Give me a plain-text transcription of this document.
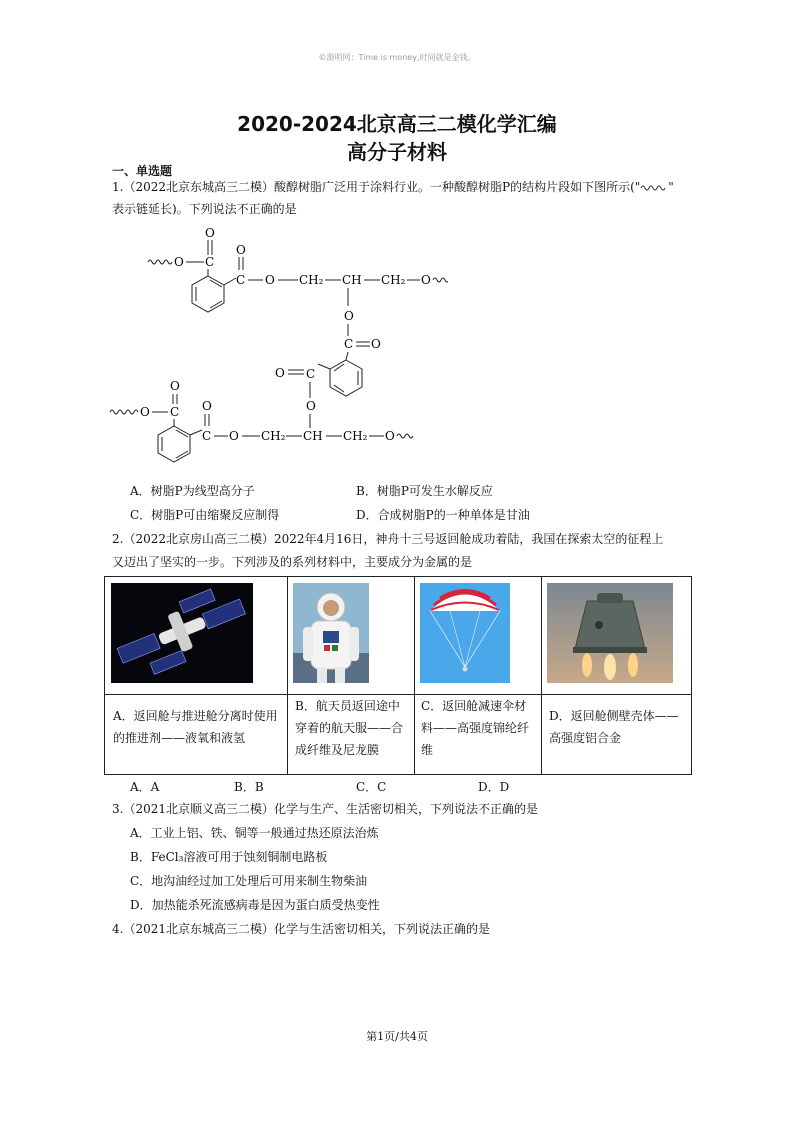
©源明网：Time is money,时间就是金钱。
2020-2024北京高三二模化学汇编
高分子材料
一、单选题
1.（2022北京东城高三二模）酸醇树脂广泛用于涂料行业。一种酸醇树脂P的结构片段如下图所示(" "
表示链延长)。下列说法不正确的是
O C
O
C
O
O CH₂ CH CH₂ O
O
C O
C
O
O
O C
O
C
O
O CH₂ CH CH₂ O
A．树脂P为线型高分子	B．树脂P可发生水解反应
C．树脂P可由缩聚反应制得	D．合成树脂P的一种单体是甘油
2.（2022北京房山高三二模）2022年4月16日，神舟十三号返回舱成功着陆，我国在探索太空的征程上
又迈出了坚实的一步。下列涉及的系列材料中，主要成分为金属的是
A．返回舱与推进舱分离时使用
的推进剂——液氧和液氢
B．航天员返回途中
穿着的航天服——合
成纤维及尼龙膜
C．返回舱减速伞材
料——高强度锦纶纤
维
D．返回舱侧壁壳体——
高强度铝合金
A．A	B．B	C．C	D．D
3.（2021北京顺义高三二模）化学与生产、生活密切相关，下列说法不正确的是
A．工业上铝、铁、铜等一般通过热还原法治炼
B．FeCl₃溶液可用于蚀刻铜制电路板
C．地沟油经过加工处理后可用来制生物柴油
D．加热能杀死流感病毒是因为蛋白质受热变性
4.（2021北京东城高三二模）化学与生活密切相关，下列说法正确的是
第1页/共4页
